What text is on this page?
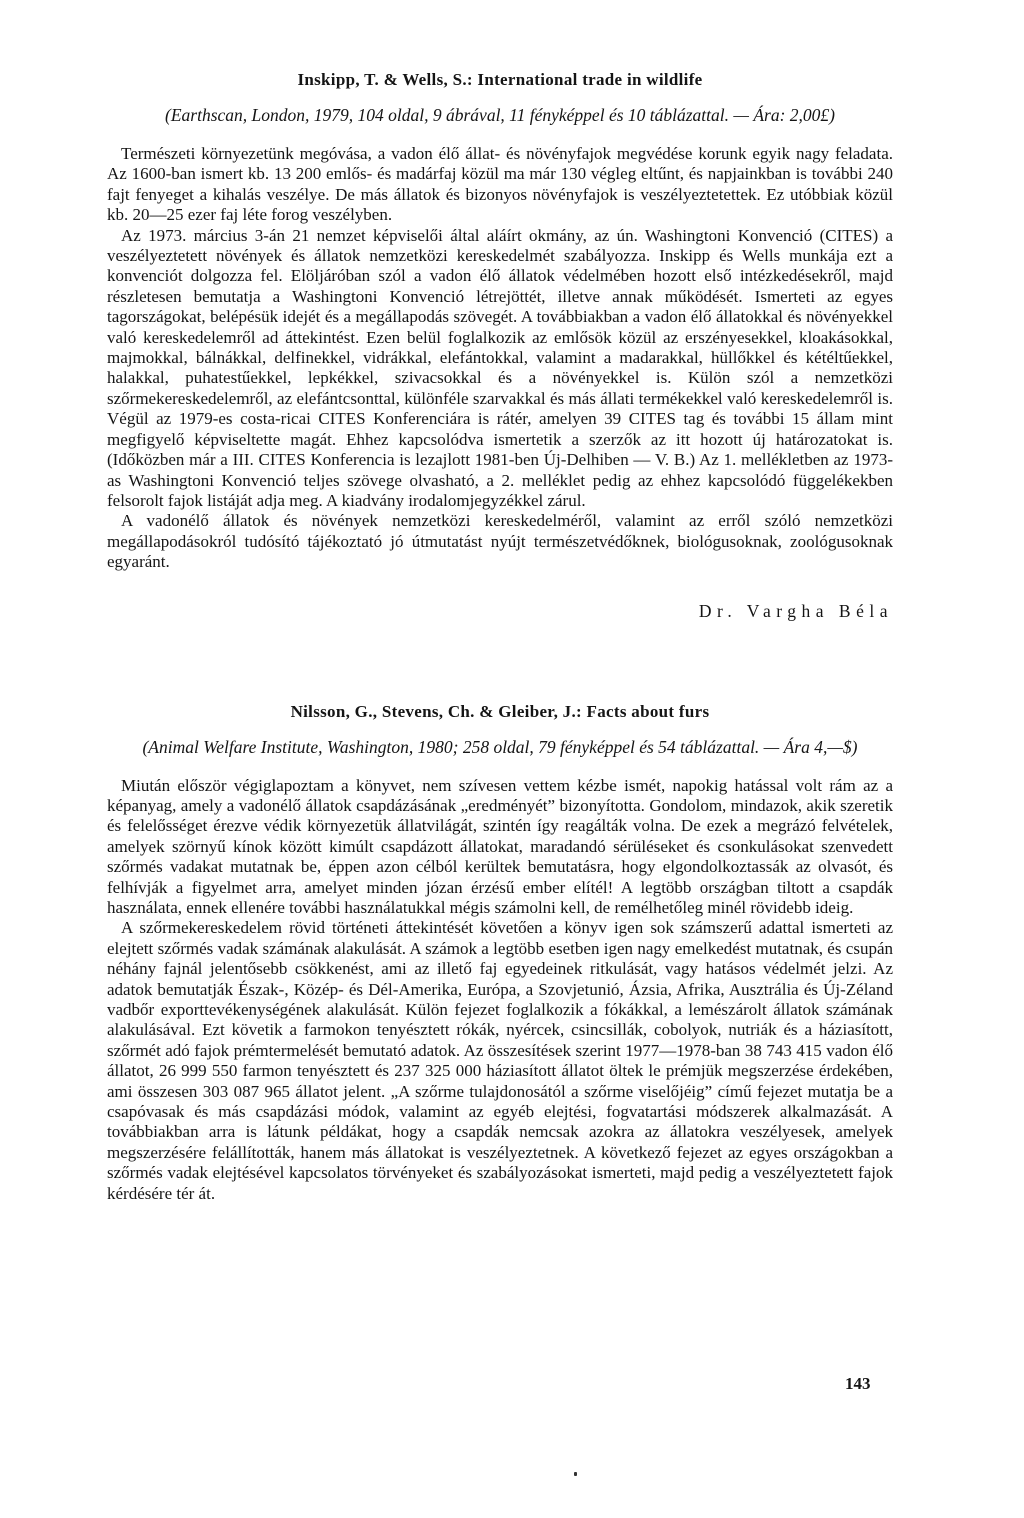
Inskipp, T. & Wells, S.: International trade in wildlife

(Earthscan, London, 1979, 104 oldal, 9 ábrával, 11 fényképpel és 10 táblázattal. — Ára: 2,00£)

Természeti környezetünk megóvása, a vadon élő állat- és növényfajok megvédése korunk egyik nagy feladata. Az 1600-ban ismert kb. 13 200 emlős- és madárfaj közül ma már 130 végleg eltűnt, és napjainkban is további 240 fajt fenyeget a kihalás veszélye. De más állatok és bizonyos növényfajok is veszélyeztetettek. Ez utóbbiak közül kb. 20—25 ezer faj léte forog veszélyben.

Az 1973. március 3-án 21 nemzet képviselői által aláírt okmány, az ún. Washingtoni Konvenció (CITES) a veszélyeztetett növények és állatok nemzetközi kereskedelmét szabályozza. Inskipp és Wells munkája ezt a konvenciót dolgozza fel. Elöljáróban szól a vadon élő állatok védelmében hozott első intézkedésekről, majd részletesen bemutatja a Washingtoni Konvenció létrejöttét, illetve annak működését. Ismerteti az egyes tagországokat, belépésük idejét és a megállapodás szövegét. A továbbiakban a vadon élő állatokkal és növényekkel való kereskedelemről ad áttekintést. Ezen belül foglalkozik az emlősök közül az erszényesekkel, kloakásokkal, majmokkal, bálnákkal, delfinekkel, vidrákkal, elefántokkal, valamint a madarakkal, hüllőkkel és kétéltűekkel, halakkal, puhatestűekkel, lepkékkel, szivacsokkal és a növényekkel is. Külön szól a nemzetközi szőrmekereskedelemről, az elefántcsonttal, különféle szarvakkal és más állati termékekkel való kereskedelemről is. Végül az 1979-es costa-ricai CITES Konferenciára is rátér, amelyen 39 CITES tag és további 15 állam mint megfigyelő képviseltette magát. Ehhez kapcsolódva ismertetik a szerzők az itt hozott új határozatokat is. (Időközben már a III. CITES Konferencia is lezajlott 1981-ben Új-Delhiben — V. B.) Az 1. mellékletben az 1973-as Washingtoni Konvenció teljes szövege olvasható, a 2. melléklet pedig az ehhez kapcsolódó függelékekben felsorolt fajok listáját adja meg. A kiadvány irodalomjegyzékkel zárul.

A vadonélő állatok és növények nemzetközi kereskedelméről, valamint az erről szóló nemzetközi megállapodásokról tudósító tájékoztató jó útmutatást nyújt természetvédőknek, biológusoknak, zoológusoknak egyaránt.

Dr. Vargha Béla

Nilsson, G., Stevens, Ch. & Gleiber, J.: Facts about furs

(Animal Welfare Institute, Washington, 1980; 258 oldal, 79 fényképpel és 54 táblázattal. — Ára 4,—$)

Miután először végiglapoztam a könyvet, nem szívesen vettem kézbe ismét, napokig hatással volt rám az a képanyag, amely a vadonélő állatok csapdázásának „eredményét” bizonyította. Gondolom, mindazok, akik szeretik és felelősséget érezve védik környezetük állatvilágát, szintén így reagálták volna. De ezek a megrázó felvételek, amelyek szörnyű kínok között kimúlt csapdázott állatokat, maradandó sérüléseket és csonkulásokat szenvedett szőrmés vadakat mutatnak be, éppen azon célból kerültek bemutatásra, hogy elgondolkoztassák az olvasót, és felhívják a figyelmet arra, amelyet minden józan érzésű ember elítél! A legtöbb országban tiltott a csapdák használata, ennek ellenére további használatukkal mégis számolni kell, de remélhetőleg minél rövidebb ideig.

A szőrmekereskedelem rövid történeti áttekintését követően a könyv igen sok számszerű adattal ismerteti az elejtett szőrmés vadak számának alakulását. A számok a legtöbb esetben igen nagy emelkedést mutatnak, és csupán néhány fajnál jelentősebb csökkenést, ami az illető faj egyedeinek ritkulását, vagy hatásos védelmét jelzi. Az adatok bemutatják Észak-, Közép- és Dél-Amerika, Európa, a Szovjetunió, Ázsia, Afrika, Ausztrália és Új-Zéland vadbőr exporttevékenységének alakulását. Külön fejezet foglalkozik a fókákkal, a lemészárolt állatok számának alakulásával. Ezt követik a farmokon tenyésztett rókák, nyércek, csincsillák, cobolyok, nutriák és a háziasított, szőrmét adó fajok prémtermelését bemutató adatok. Az összesítések szerint 1977—1978-ban 38 743 415 vadon élő állatot, 26 999 550 farmon tenyésztett és 237 325 000 háziasított állatot öltek le prémjük megszerzése érdekében, ami összesen 303 087 965 állatot jelent. „A szőrme tulajdonosától a szőrme viselőjéig” című fejezet mutatja be a csapóvasak és más csapdázási módok, valamint az egyéb elejtési, fogvatartási módszerek alkalmazását. A továbbiakban arra is látunk példákat, hogy a csapdák nemcsak azokra az állatokra veszélyesek, amelyek megszerzésére felállították, hanem más állatokat is veszélyeztetnek. A következő fejezet az egyes országokban a szőrmés vadak elejtésével kapcsolatos törvényeket és szabályozásokat ismerteti, majd pedig a veszélyeztetett fajok kérdésére tér át.

143
